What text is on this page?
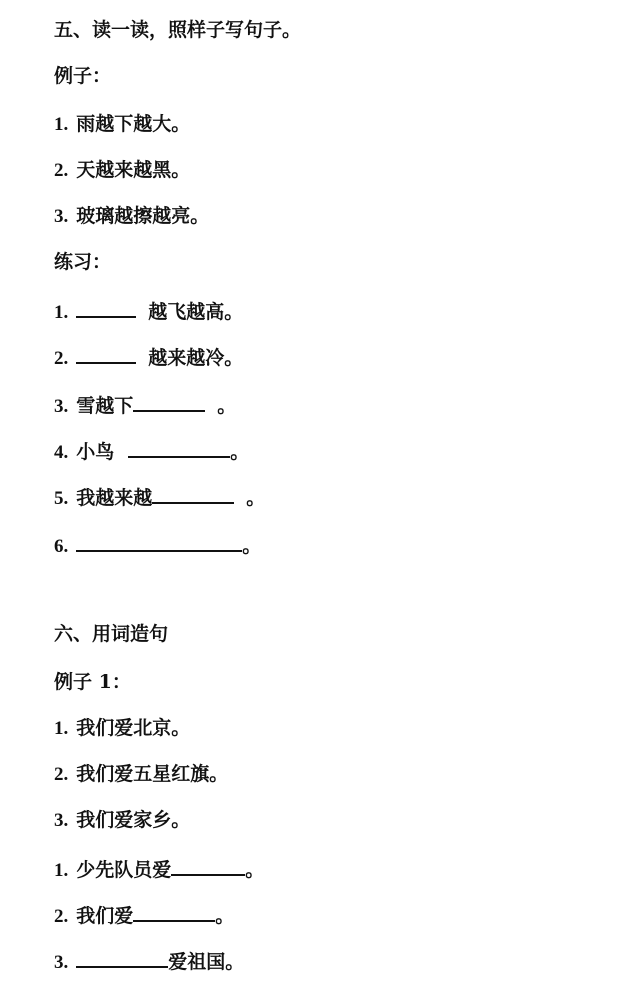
五、读一读，照样子写句子。
例子：
1. 雨越下越大。
2. 天越来越黑。
3. 玻璃越擦越亮。
练习：
1.	越飞越高。
2.	越来越冷。
3. 雪越下	。
4. 小鸟	。
5. 我越来越	。
6.	。
六、用词造句
例子 1：
1. 我们爱北京。
2. 我们爱五星红旗。
3. 我们爱家乡。
1. 少先队员爱	。
2. 我们爱	。
3.	爱祖国。
